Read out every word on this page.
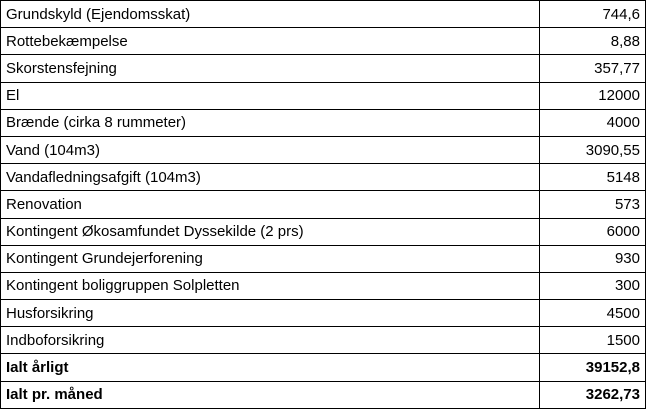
Grundskyld (Ejendomsskat)	744,6
Rottebekæmpelse	8,88
Skorstensfejning	357,77
El	12000
Brænde (cirka 8 rummeter)	4000
Vand (104m3)	3090,55
Vandafledningsafgift (104m3)	5148
Renovation	573
Kontingent Økosamfundet Dyssekilde (2 prs)	6000
Kontingent Grundejerforening	930
Kontingent boliggruppen Solpletten	300
Husforsikring	4500
Indboforsikring	1500
Ialt årligt	39152,8
Ialt pr. måned	3262,73
